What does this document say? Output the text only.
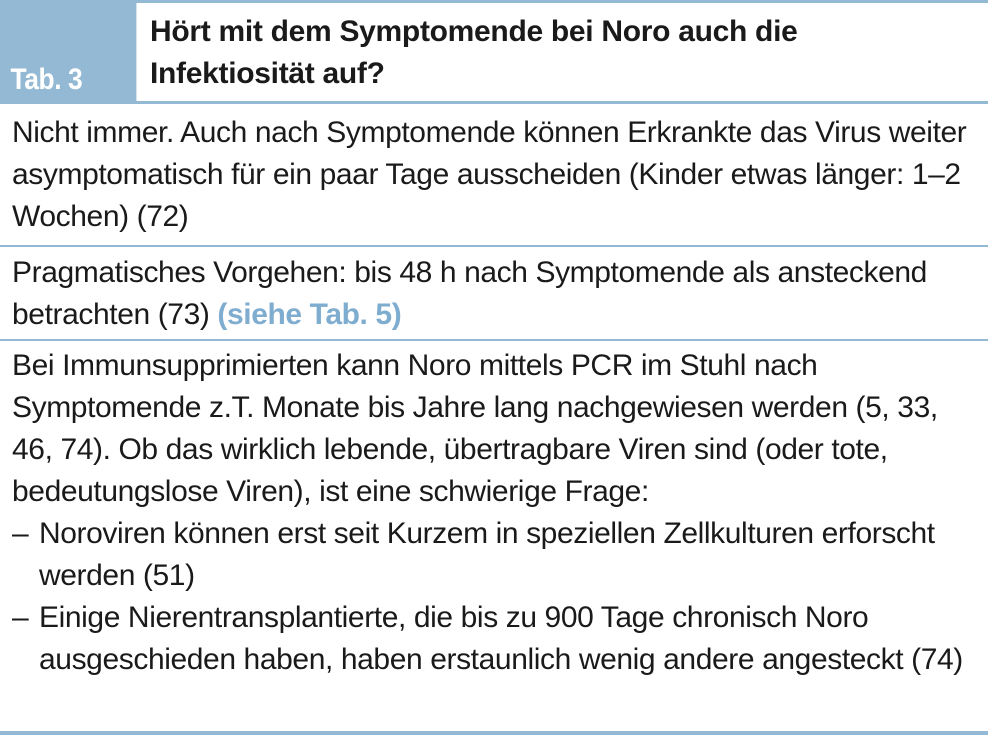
Tab. 3
Hört mit dem Symptomende bei Noro auch die
Infektiosität auf?

Nicht immer. Auch nach Symptomende können Erkrankte das Virus weiter asymptomatisch für ein paar Tage ausscheiden (Kinder etwas länger: 1–2 Wochen) (72)

Pragmatisches Vorgehen: bis 48 h nach Symptomende als ansteckend betrachten (73) (siehe Tab. 5)

Bei Immunsupprimierten kann Noro mittels PCR im Stuhl nach Symptomende z.T. Monate bis Jahre lang nachgewiesen werden (5, 33, 46, 74). Ob das wirklich lebende, übertragbare Viren sind (oder tote, bedeutungslose Viren), ist eine schwierige Frage:

– Noroviren können erst seit Kurzem in speziellen Zellkulturen erforscht werden (51)
– Einige Nierentransplantierte, die bis zu 900 Tage chronisch Noro ausgeschieden haben, haben erstaunlich wenig andere angesteckt (74)
